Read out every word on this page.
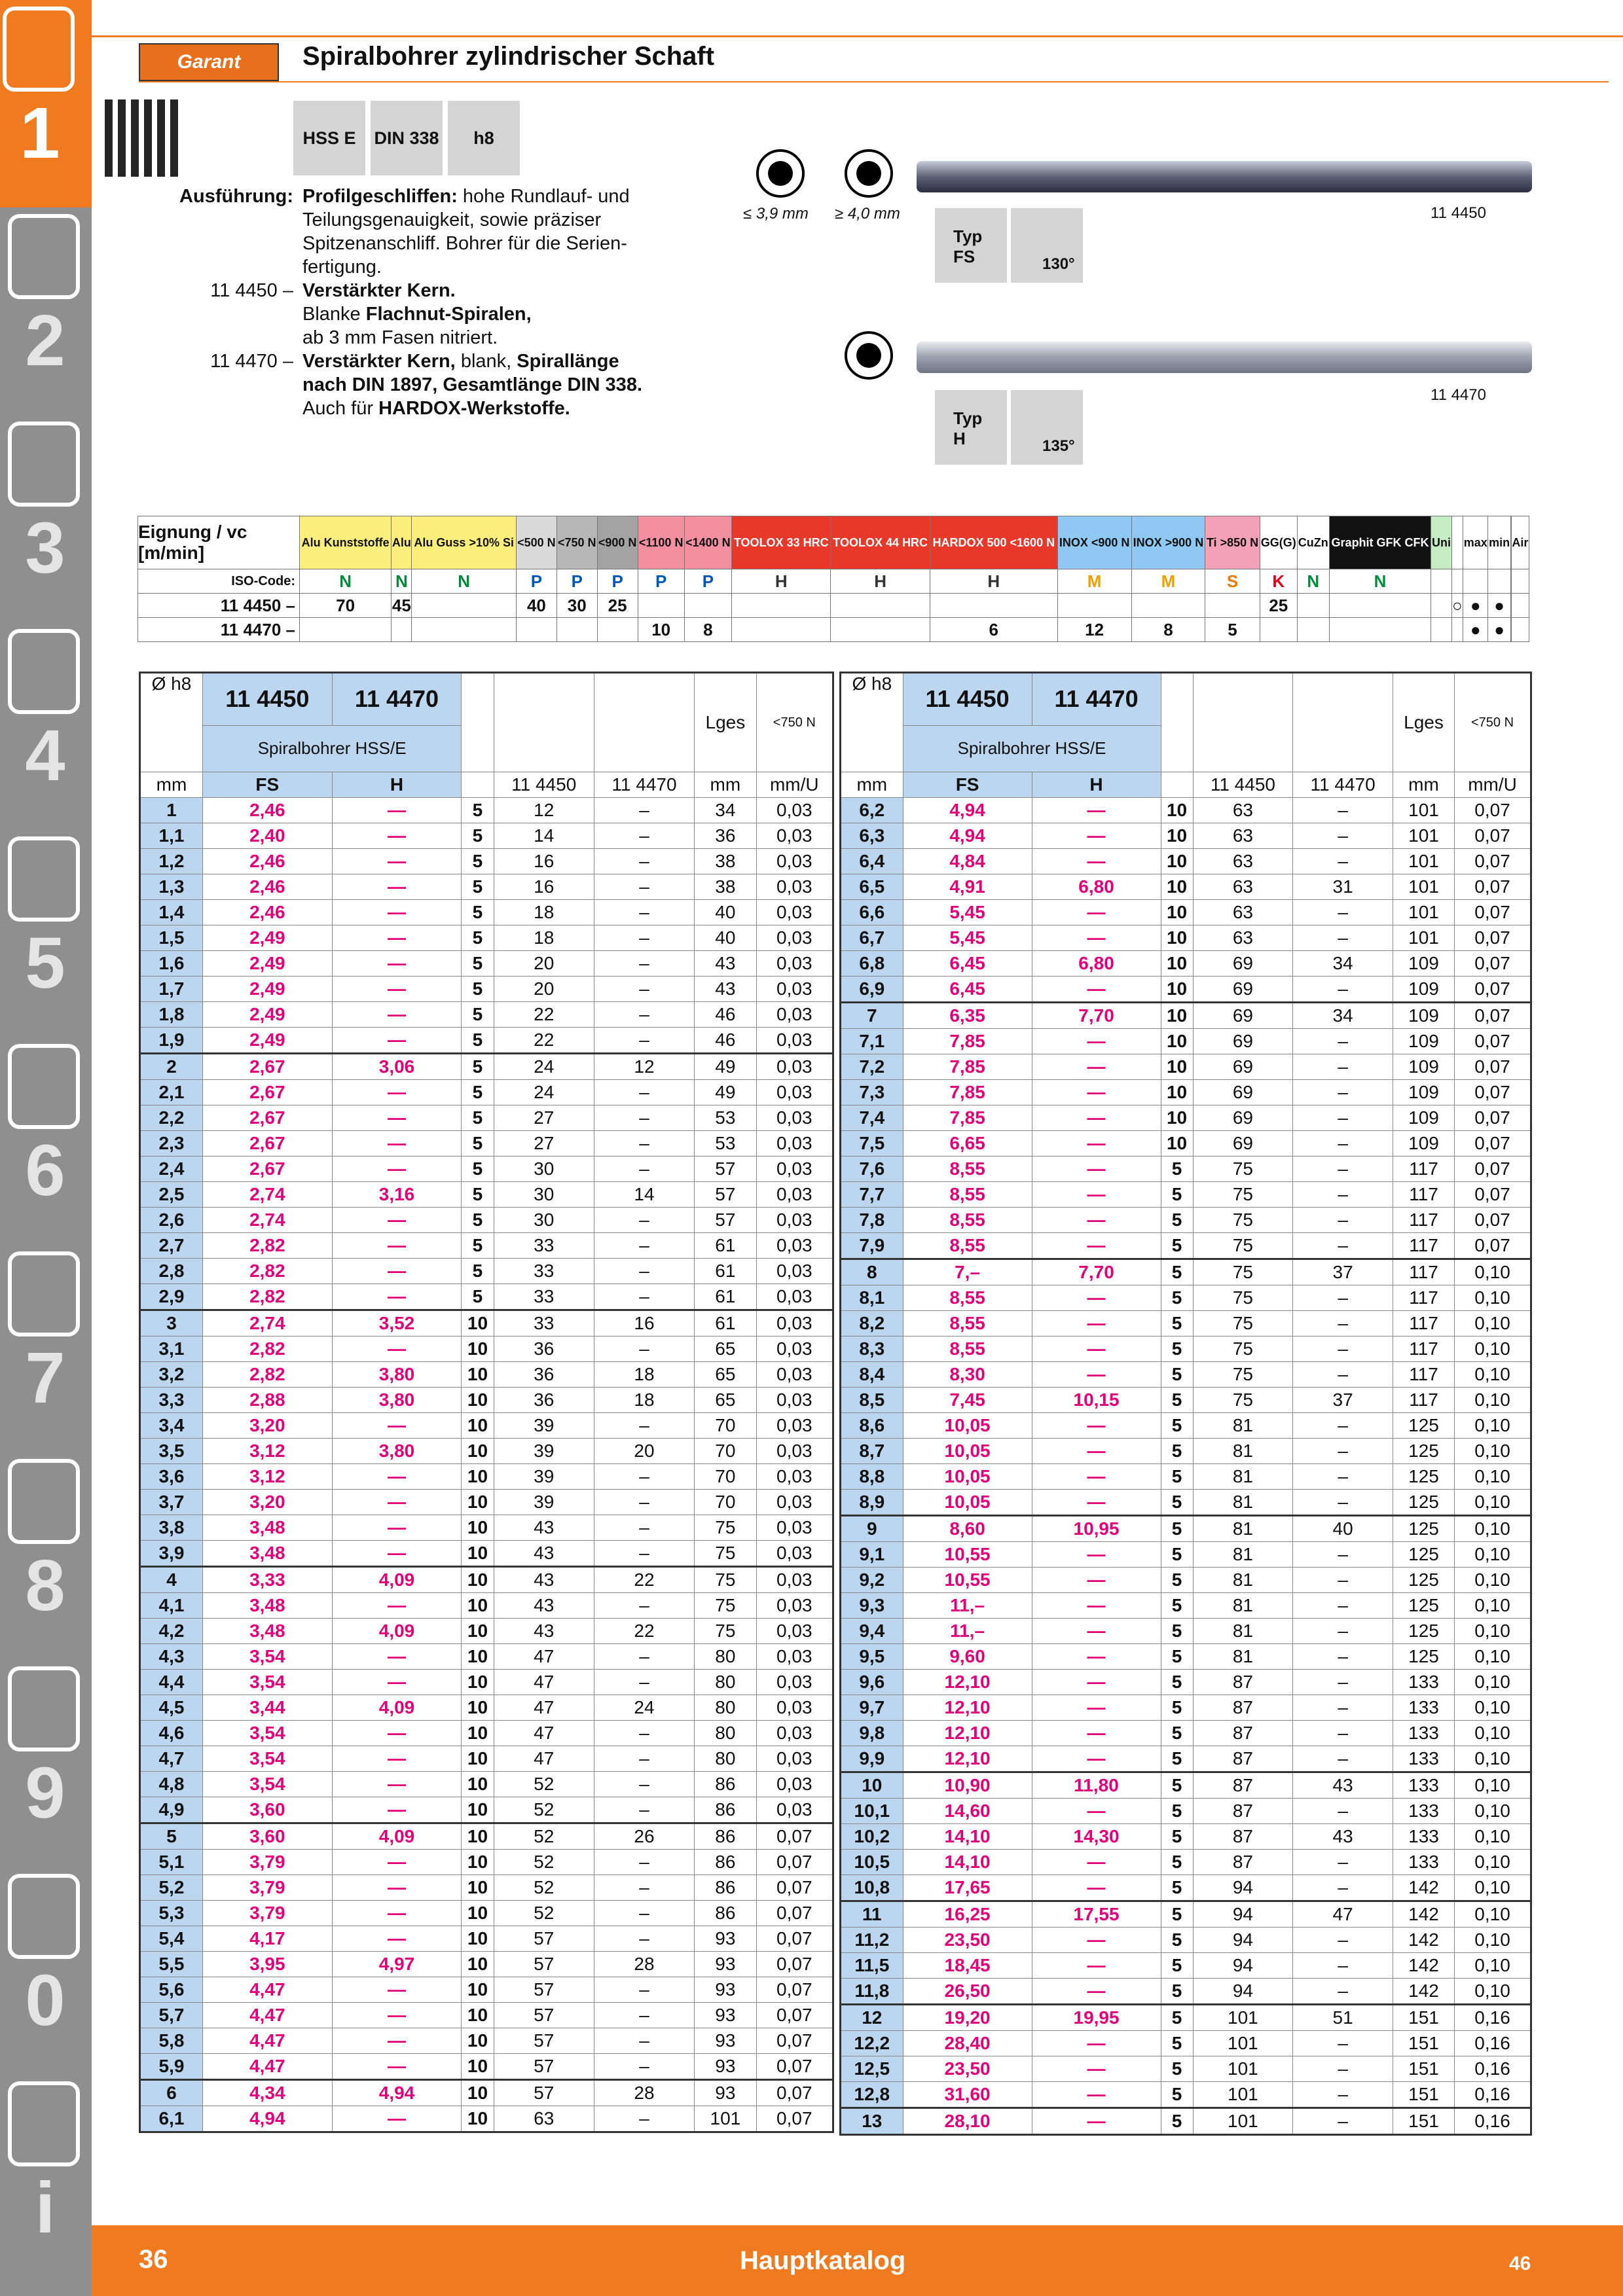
1
2
3
4
5
6
7
8
9
0
i
Garant	Spiralbohrer zylindrischer Schaft
HSS E	DIN 338	h8
Ausführung: Profilgeschliffen: hohe Rundlauf- und
Teilungsgenauigkeit, sowie präziser
Spitzenanschliff. Bohrer für die Serien-
fertigung.
11 4450 – Verstärkter Kern.
Blanke Flachnut-Spiralen,
ab 3 mm Fasen nitriert.
11 4470 – Verstärkter Kern, blank, Spirallänge
nach DIN 1897, Gesamtlänge DIN 338.
Auch für HARDOX-Werkstoffe.
≤ 3,9 mm ≥ 4,0 mm	11 4450
Typ FS	130°
11 4470
Typ H	135°
Eignung / vc [m/min]	Alu Kunststoffe	Alu	Alu Guss >10% Si	<500 N	<750 N	<900 N	<1100 N	<1400 N	TOOLOX 33 HRC	TOOLOX 44 HRC	HARDOX 500 <1600 N	INOX <900 N	INOX >900 N	Ti >850 N	GG(G)	CuZn	Graphit GFK CFK	Uni		max	min		Air
ISO-Code:	N	N	N	P	P	P	P	P	H	H	H	M	M	S	K	N	N						
11 4450 –	70	45		40	30	25									25				○	●	●		
11 4470 –							10	8			6	12	8	5						●	●		
Ø h8	11 4450	11 4470				Lges	<750 N
	Spiralbohrer HSS/E						
mm	FS	H		11 4450	11 4470	mm	mm/U
1	2,46	—	5	12	–	34	0,03
1,1	2,40	—	5	14	–	36	0,03
1,2	2,46	—	5	16	–	38	0,03
1,3	2,46	—	5	16	–	38	0,03
1,4	2,46	—	5	18	–	40	0,03
1,5	2,49	—	5	18	–	40	0,03
1,6	2,49	—	5	20	–	43	0,03
1,7	2,49	—	5	20	–	43	0,03
1,8	2,49	—	5	22	–	46	0,03
1,9	2,49	—	5	22	–	46	0,03
2	2,67	3,06	5	24	12	49	0,03
2,1	2,67	—	5	24	–	49	0,03
2,2	2,67	—	5	27	–	53	0,03
2,3	2,67	—	5	27	–	53	0,03
2,4	2,67	—	5	30	–	57	0,03
2,5	2,74	3,16	5	30	14	57	0,03
2,6	2,74	—	5	30	–	57	0,03
2,7	2,82	—	5	33	–	61	0,03
2,8	2,82	—	5	33	–	61	0,03
2,9	2,82	—	5	33	–	61	0,03
3	2,74	3,52	10	33	16	61	0,03
3,1	2,82	—	10	36	–	65	0,03
3,2	2,82	3,80	10	36	18	65	0,03
3,3	2,88	3,80	10	36	18	65	0,03
3,4	3,20	—	10	39	–	70	0,03
3,5	3,12	3,80	10	39	20	70	0,03
3,6	3,12	—	10	39	–	70	0,03
3,7	3,20	—	10	39	–	70	0,03
3,8	3,48	—	10	43	–	75	0,03
3,9	3,48	—	10	43	–	75	0,03
4	3,33	4,09	10	43	22	75	0,03
4,1	3,48	—	10	43	–	75	0,03
4,2	3,48	4,09	10	43	22	75	0,03
4,3	3,54	—	10	47	–	80	0,03
4,4	3,54	—	10	47	–	80	0,03
4,5	3,44	4,09	10	47	24	80	0,03
4,6	3,54	—	10	47	–	80	0,03
4,7	3,54	—	10	47	–	80	0,03
4,8	3,54	—	10	52	–	86	0,03
4,9	3,60	—	10	52	–	86	0,03
5	3,60	4,09	10	52	26	86	0,07
5,1	3,79	—	10	52	–	86	0,07
5,2	3,79	—	10	52	–	86	0,07
5,3	3,79	—	10	52	–	86	0,07
5,4	4,17	—	10	57	–	93	0,07
5,5	3,95	4,97	10	57	28	93	0,07
5,6	4,47	—	10	57	–	93	0,07
5,7	4,47	—	10	57	–	93	0,07
5,8	4,47	—	10	57	–	93	0,07
5,9	4,47	—	10	57	–	93	0,07
6	4,34	4,94	10	57	28	93	0,07
6,1	4,94	—	10	63	–	101	0,07
Ø h8	11 4450	11 4470				Lges	<750 N
	Spiralbohrer HSS/E						
mm	FS	H		11 4450	11 4470	mm	mm/U
6,2	4,94	—	10	63	–	101	0,07
6,3	4,94	—	10	63	–	101	0,07
6,4	4,84	—	10	63	–	101	0,07
6,5	4,91	6,80	10	63	31	101	0,07
6,6	5,45	—	10	63	–	101	0,07
6,7	5,45	—	10	63	–	101	0,07
6,8	6,45	6,80	10	69	34	109	0,07
6,9	6,45	—	10	69	–	109	0,07
7	6,35	7,70	10	69	34	109	0,07
7,1	7,85	—	10	69	–	109	0,07
7,2	7,85	—	10	69	–	109	0,07
7,3	7,85	—	10	69	–	109	0,07
7,4	7,85	—	10	69	–	109	0,07
7,5	6,65	—	10	69	–	109	0,07
7,6	8,55	—	5	75	–	117	0,07
7,7	8,55	—	5	75	–	117	0,07
7,8	8,55	—	5	75	–	117	0,07
7,9	8,55	—	5	75	–	117	0,07
8	7,–	7,70	5	75	37	117	0,10
8,1	8,55	—	5	75	–	117	0,10
8,2	8,55	—	5	75	–	117	0,10
8,3	8,55	—	5	75	–	117	0,10
8,4	8,30	—	5	75	–	117	0,10
8,5	7,45	10,15	5	75	37	117	0,10
8,6	10,05	—	5	81	–	125	0,10
8,7	10,05	—	5	81	–	125	0,10
8,8	10,05	—	5	81	–	125	0,10
8,9	10,05	—	5	81	–	125	0,10
9	8,60	10,95	5	81	40	125	0,10
9,1	10,55	—	5	81	–	125	0,10
9,2	10,55	—	5	81	–	125	0,10
9,3	11,–	—	5	81	–	125	0,10
9,4	11,–	—	5	81	–	125	0,10
9,5	9,60	—	5	81	–	125	0,10
9,6	12,10	—	5	87	–	133	0,10
9,7	12,10	—	5	87	–	133	0,10
9,8	12,10	—	5	87	–	133	0,10
9,9	12,10	—	5	87	–	133	0,10
10	10,90	11,80	5	87	43	133	0,10
10,1	14,60	—	5	87	–	133	0,10
10,2	14,10	14,30	5	87	43	133	0,10
10,5	14,10	—	5	87	–	133	0,10
10,8	17,65	—	5	94	–	142	0,10
11	16,25	17,55	5	94	47	142	0,10
11,2	23,50	—	5	94	–	142	0,10
11,5	18,45	—	5	94	–	142	0,10
11,8	26,50	—	5	94	–	142	0,10
12	19,20	19,95	5	101	51	151	0,16
12,2	28,40	—	5	101	–	151	0,16
12,5	23,50	—	5	101	–	151	0,16
12,8	31,60	—	5	101	–	151	0,16
13	28,10	—	5	101	–	151	0,16
36	Hauptkatalog	46
